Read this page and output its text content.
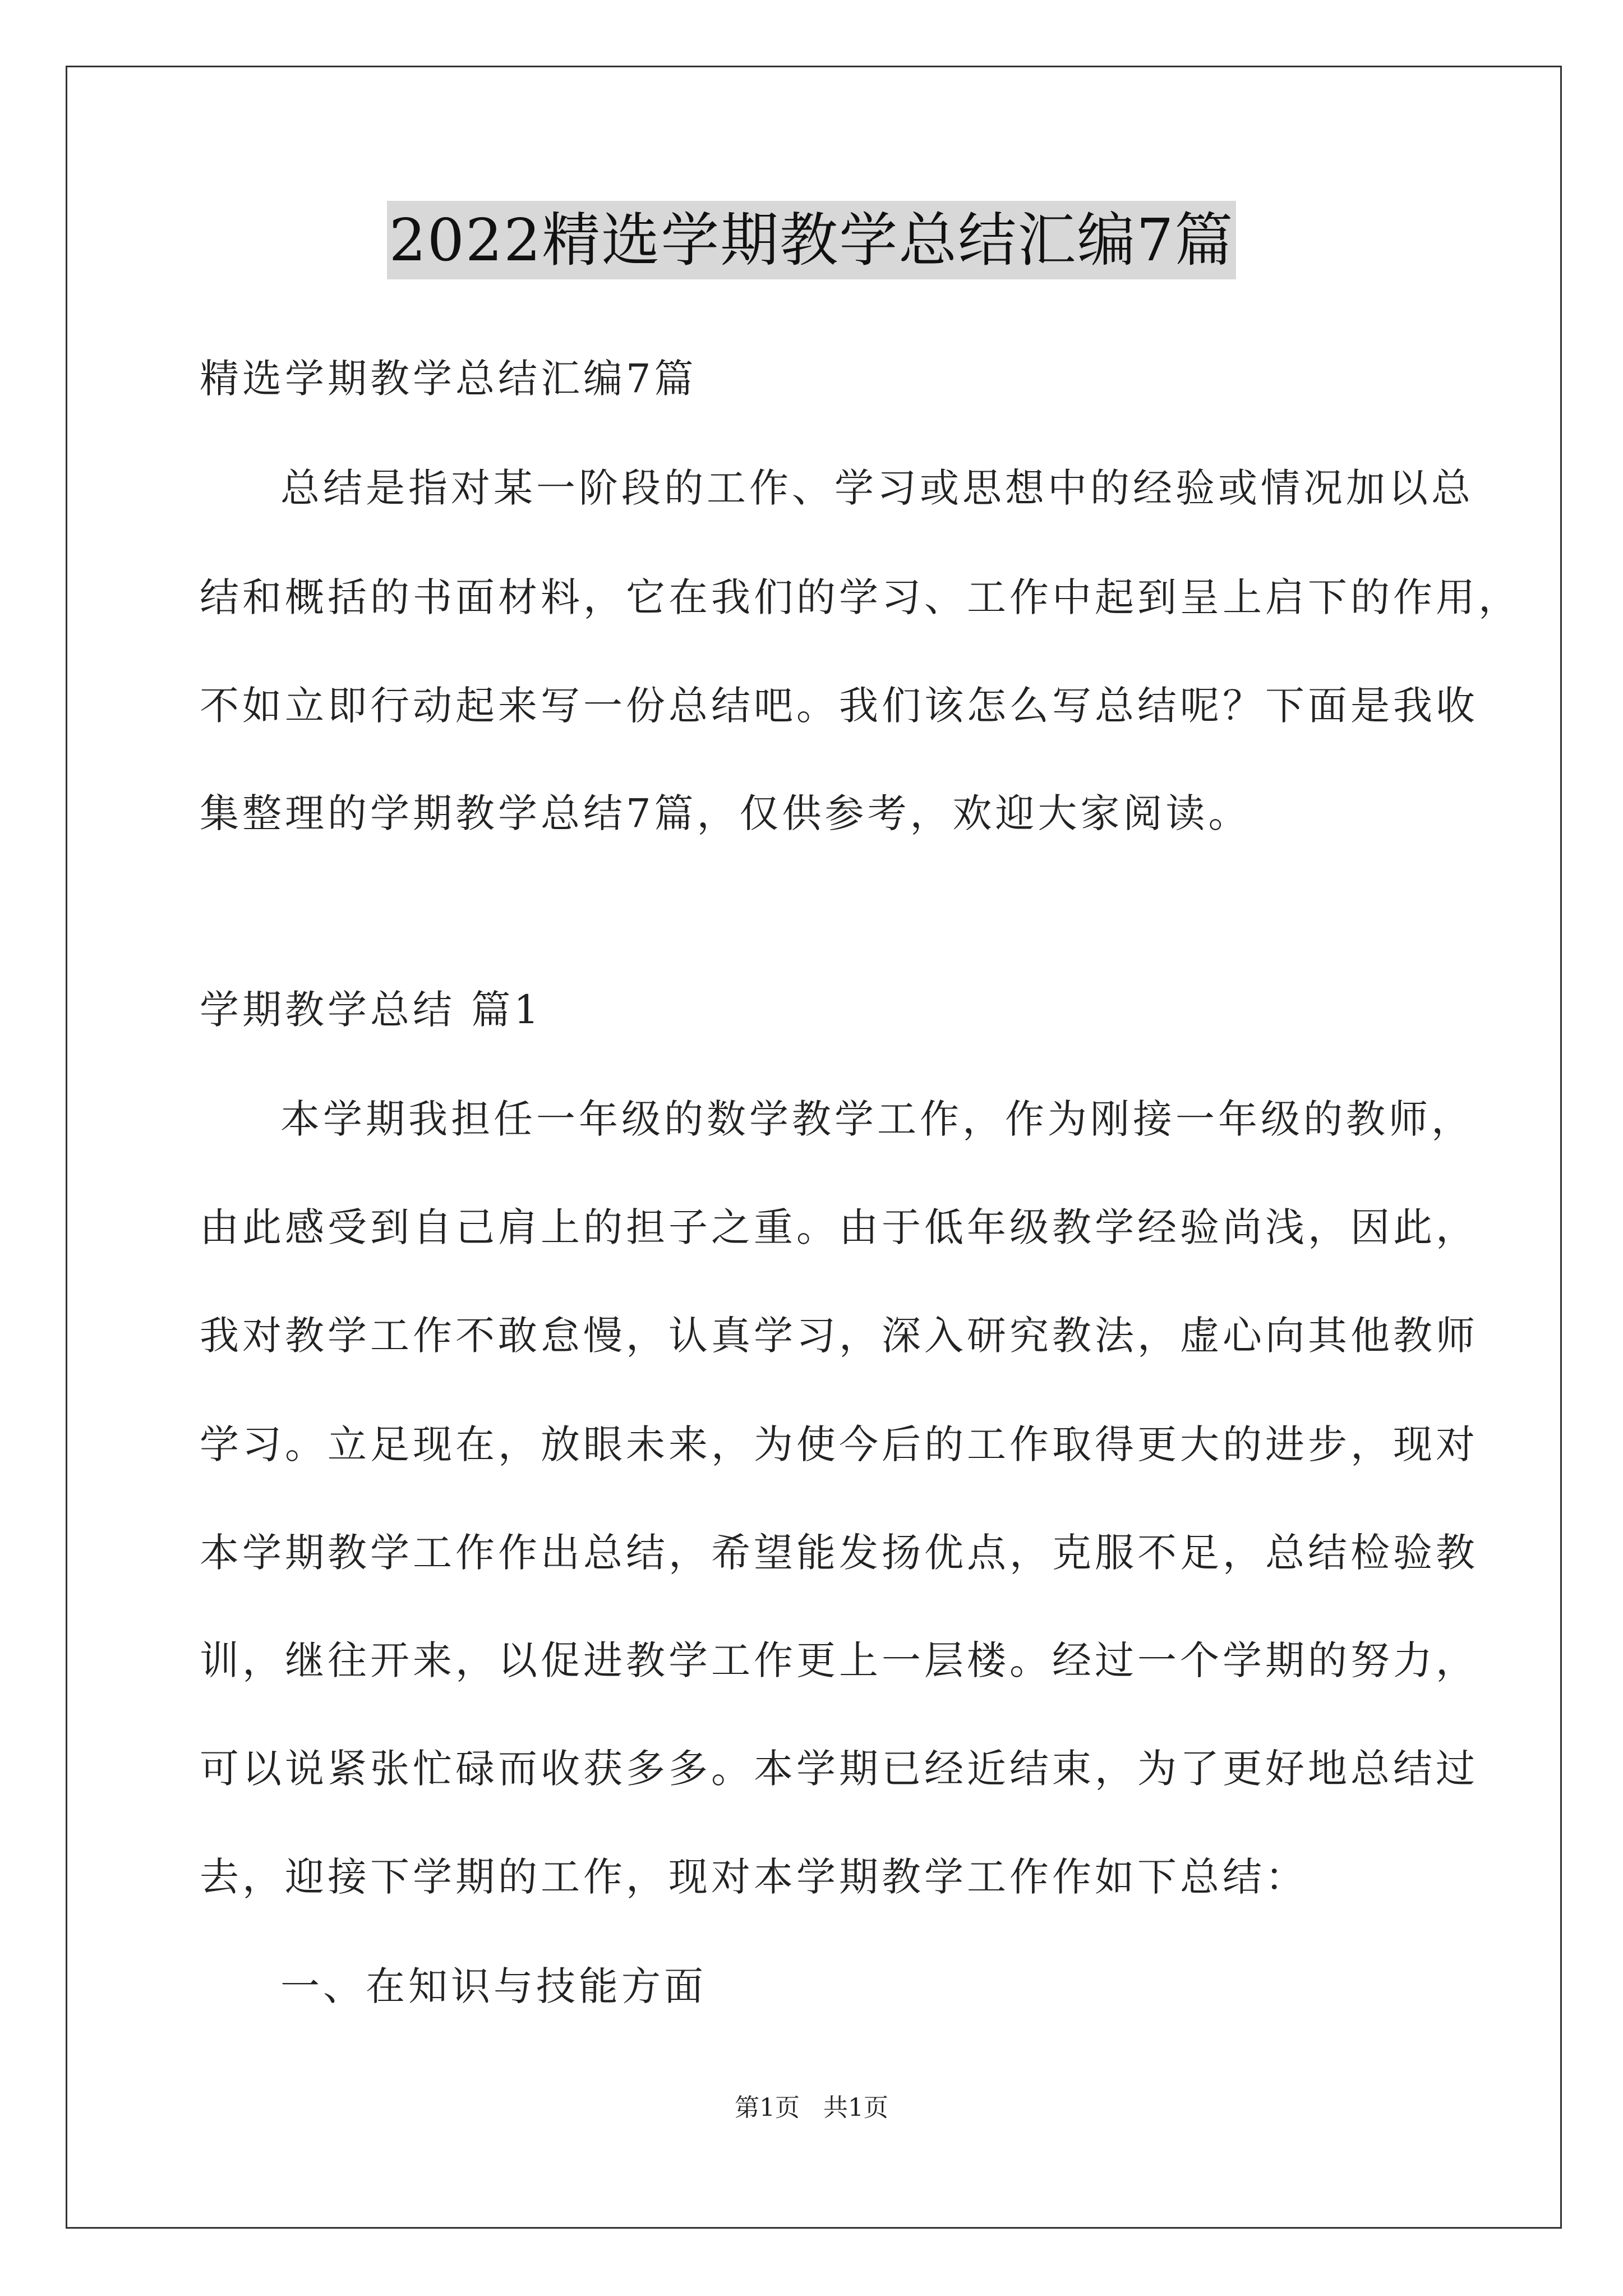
2022精选学期教学总结汇编7篇
精选学期教学总结汇编7篇
总结是指对某一阶段的工作、学习或思想中的经验或情况加以总
结和概括的书面材料，它在我们的学习、工作中起到呈上启下的作用，
不如立即行动起来写一份总结吧。我们该怎么写总结呢？下面是我收
集整理的学期教学总结7篇，仅供参考，欢迎大家阅读。
学期教学总结 篇1
本学期我担任一年级的数学教学工作，作为刚接一年级的教师，
由此感受到自己肩上的担子之重。由于低年级教学经验尚浅，因此，
我对教学工作不敢怠慢，认真学习，深入研究教法，虚心向其他教师
学习。立足现在，放眼未来，为使今后的工作取得更大的进步，现对
本学期教学工作作出总结，希望能发扬优点，克服不足，总结检验教
训，继往开来，以促进教学工作更上一层楼。经过一个学期的努力，
可以说紧张忙碌而收获多多。本学期已经近结束，为了更好地总结过
去，迎接下学期的工作，现对本学期教学工作作如下总结：
一、在知识与技能方面
第1页 共1页
